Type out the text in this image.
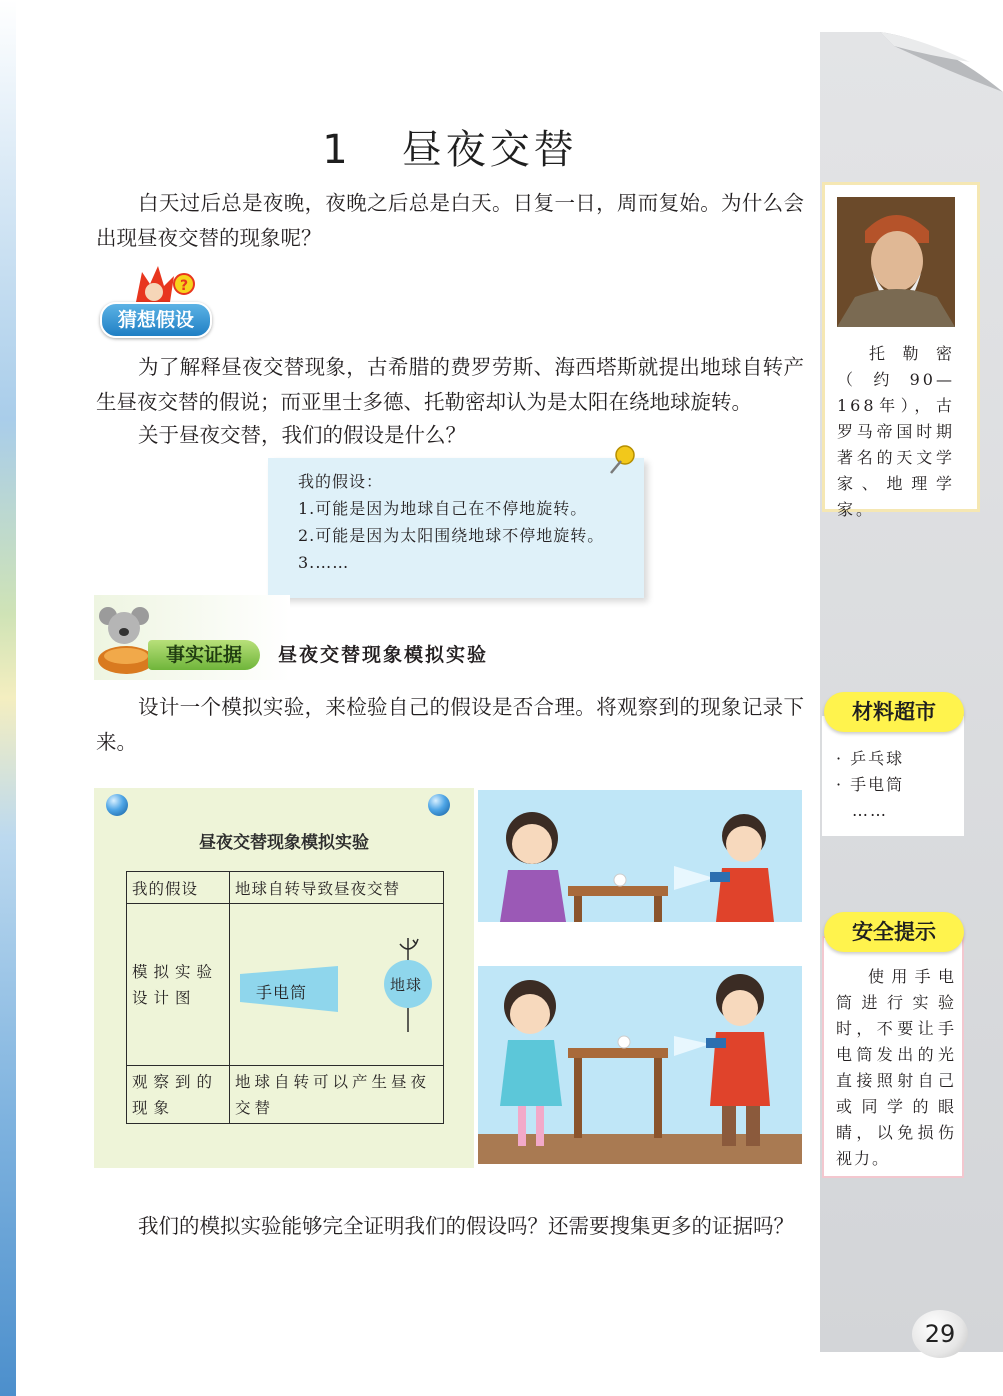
1 昼夜交替
白天过后总是夜晚，夜晚之后总是白天。日复一日，周而复始。为什么会出现昼夜交替的现象呢？
?
猜想假设
为了解释昼夜交替现象，古希腊的费罗劳斯、海西塔斯就提出地球自转产生昼夜交替的假说；而亚里士多德、托勒密却认为是太阳在绕地球旋转。
关于昼夜交替，我们的假设是什么？
我的假设：
1.可能是因为地球自己在不停地旋转。
2.可能是因为太阳围绕地球不停地旋转。
3.……
事实证据	昼夜交替现象模拟实验
设计一个模拟实验，来检验自己的假设是否合理。将观察到的现象记录下来。
昼夜交替现象模拟实验
我的假设	地球自转导致昼夜交替
模拟实验设计图	手电筒 地球

观察到的现象	地球自转可以产生昼夜交替
我们的模拟实验能够完全证明我们的假设吗？还需要搜集更多的证据吗？
托勒密（约90—168年），古罗马帝国时期著名的天文学家、地理学家。
· 乒乓球
· 手电筒
……
材料超市
使用手电筒进行实验时，不要让手电筒发出的光直接照射自己或同学的眼睛，以免损伤视力。
安全提示
29
